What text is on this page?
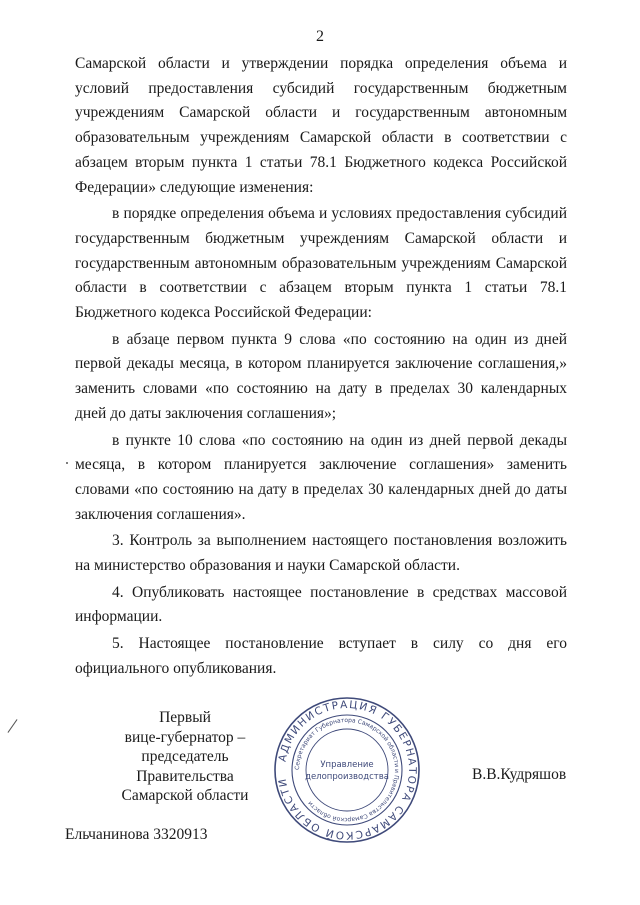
2

Самарской области и утверждении порядка определения объема и условий предоставления субсидий государственным бюджетным учреждениям Самарской области и государственным автономным образовательным учреждениям Самарской области в соответствии с абзацем вторым пункта 1 статьи 78.1 Бюджетного кодекса Российской Федерации» следующие изменения:

в порядке определения объема и условиях предоставления субсидий государственным бюджетным учреждениям Самарской области и государственным автономным образовательным учреждениям Самарской области в соответствии с абзацем вторым пункта 1 статьи 78.1 Бюджетного кодекса Российской Федерации:

в абзаце первом пункта 9 слова «по состоянию на один из дней первой декады месяца, в котором планируется заключение соглашения,» заменить словами «по состоянию на дату в пределах 30 календарных дней до даты заключения соглашения»;

в пункте 10 слова «по состоянию на один из дней первой декады месяца, в котором планируется заключение соглашения» заменить словами «по состоянию на дату в пределах 30 календарных дней до даты заключения соглашения».

3. Контроль за выполнением настоящего постановления возложить на министерство образования и науки Самарской области.

4. Опубликовать настоящее постановление в средствах массовой информации.

5. Настоящее постановление вступает в силу со дня его официального опубликования.

Первый
вице-губернатор –
председатель Правительства
Самарской области
АДМИНИСТРАЦИЯ ГУБЕРНАТОРА САМАРСКОЙ ОБЛАСТИ
Секретариат Губернатора Самарской области и Правительства Самарской области
Управление
делопроизводства	В.В.Кудряшов
Ельчанинова 3320913
